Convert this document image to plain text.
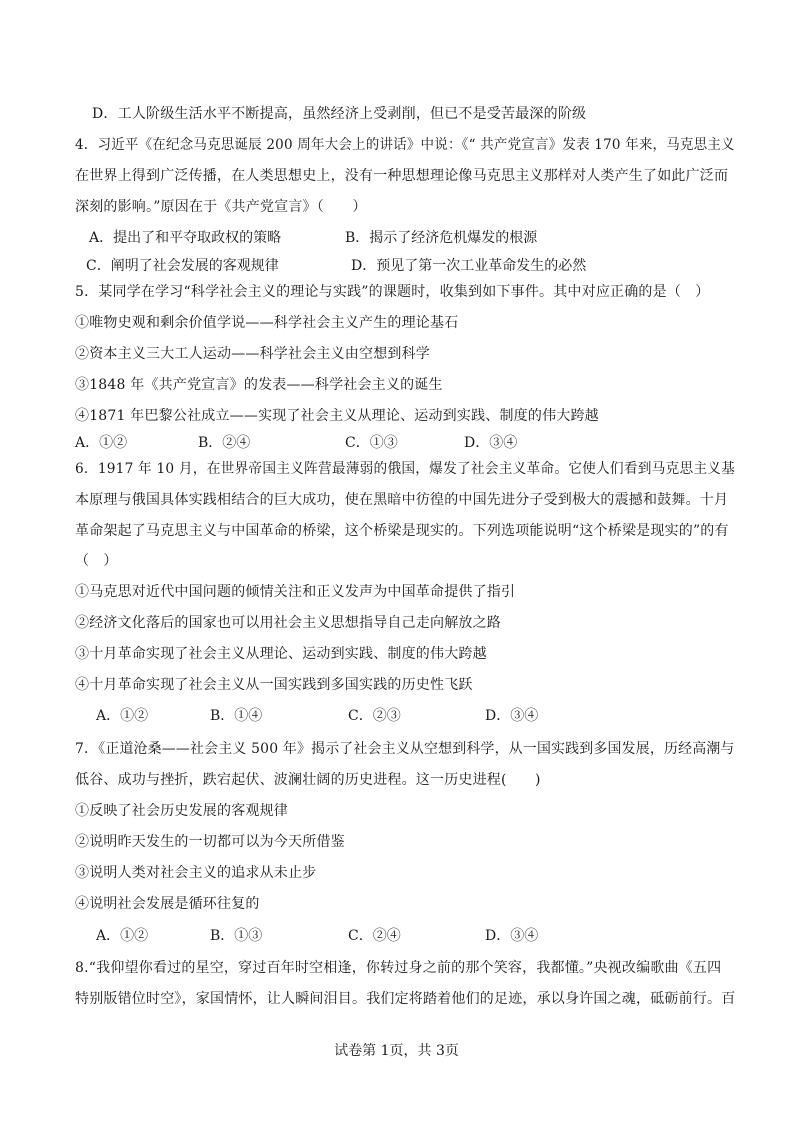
D．工人阶级生活水平不断提高，虽然经济上受剥削，但已不是受苦最深的阶级
4．习近平《在纪念马克思诞辰 200 周年大会上的讲话》中说：《“ 共产党宣言》发表 170 年来，马克思主义
在世界上得到广泛传播，在人类思想史上，没有一种思想理论像马克思主义那样对人类产生了如此广泛而
深刻的影响。”原因在于《共产党宣言》（　　）
A．提出了和平夺取政权的策略	B．揭示了经济危机爆发的根源
C．阐明了社会发展的客观规律	D．预见了第一次工业革命发生的必然
5．某同学在学习“科学社会主义的理论与实践”的课题时，收集到如下事件。其中对应正确的是（　）
①唯物史观和剩余价值学说——科学社会主义产生的理论基石
②资本主义三大工人运动——科学社会主义由空想到科学
③1848 年《共产党宣言》的发表——科学社会主义的诞生
④1871 年巴黎公社成立——实现了社会主义从理论、运动到实践、制度的伟大跨越
A．①②	B．②④	C．①③	D．③④
6．1917 年 10 月，在世界帝国主义阵营最薄弱的俄国，爆发了社会主义革命。它使人们看到马克思主义基
本原理与俄国具体实践相结合的巨大成功，使在黑暗中彷徨的中国先进分子受到极大的震撼和鼓舞。十月
革命架起了马克思主义与中国革命的桥梁，这个桥梁是现实的。下列选项能说明“这个桥梁是现实的”的有
（　）
①马克思对近代中国问题的倾情关注和正义发声为中国革命提供了指引
②经济文化落后的国家也可以用社会主义思想指导自己走向解放之路
③十月革命实现了社会主义从理论、运动到实践、制度的伟大跨越
④十月革命实现了社会主义从一国实践到多国实践的历史性飞跃
A．①②	B．①④	C．②③	D．③④
7．《正道沧桑——社会主义 500 年》揭示了社会主义从空想到科学，从一国实践到多国发展，历经高潮与
低谷、成功与挫折，跌宕起伏、波澜壮阔的历史进程。这一历史进程(　　)
①反映了社会历史发展的客观规律
②说明昨天发生的一切都可以为今天所借鉴
③说明人类对社会主义的追求从未止步
④说明社会发展是循环往复的
A．①②	B．①③	C．②④	D．③④
8.“我仰望你看过的星空，穿过百年时空相逢，你转过身之前的那个笑容，我都懂。”央视改编歌曲《五四
特别版错位时空》，家国情怀，让人瞬间泪目。我们定将踏着他们的足迹，承以身许国之魂，砥砺前行。百
试卷第 1页，共 3页
